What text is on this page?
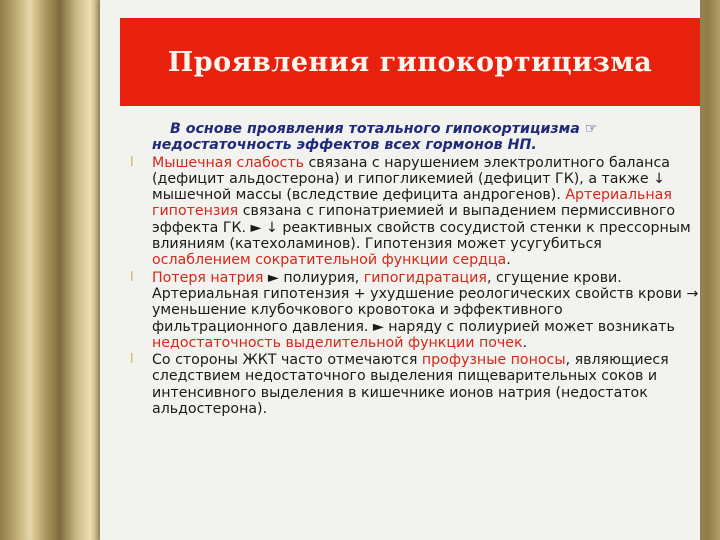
Проявления гипокортицизма
В основе проявления тотального гипокортицизма ☞
недостаточность эффектов всех гормонов НП.
l Мышечная слабость связана с нарушением электролитного баланса (дефицит альдостерона) и гипогликемией (дефицит ГК), а также ↓ мышечной массы (вследствие дефицита андрогенов). Артериальная гипотензия связана с гипонатриемией и выпадением пермиссивного эффекта ГК. ► ↓ реактивных свойств сосудистой стенки к прессорным влияниям (катехоламинов). Гипотензия может усугубиться ослаблением сократительной функции сердца.
l Потеря натрия ► полиурия, гипогидратация, сгущение крови. Артериальная гипотензия + ухудшение реологических свойств крови → уменьшение клубочкового кровотока и эффективного фильтрационного давления. ► наряду с полиурией может возникать недостаточность выделительной функции почек.
l Со стороны ЖКТ часто отмечаются профузные поносы, являющиеся следствием недостаточного выделения пищеварительных соков и интенсивного выделения в кишечнике ионов натрия (недостаток альдостерона).
